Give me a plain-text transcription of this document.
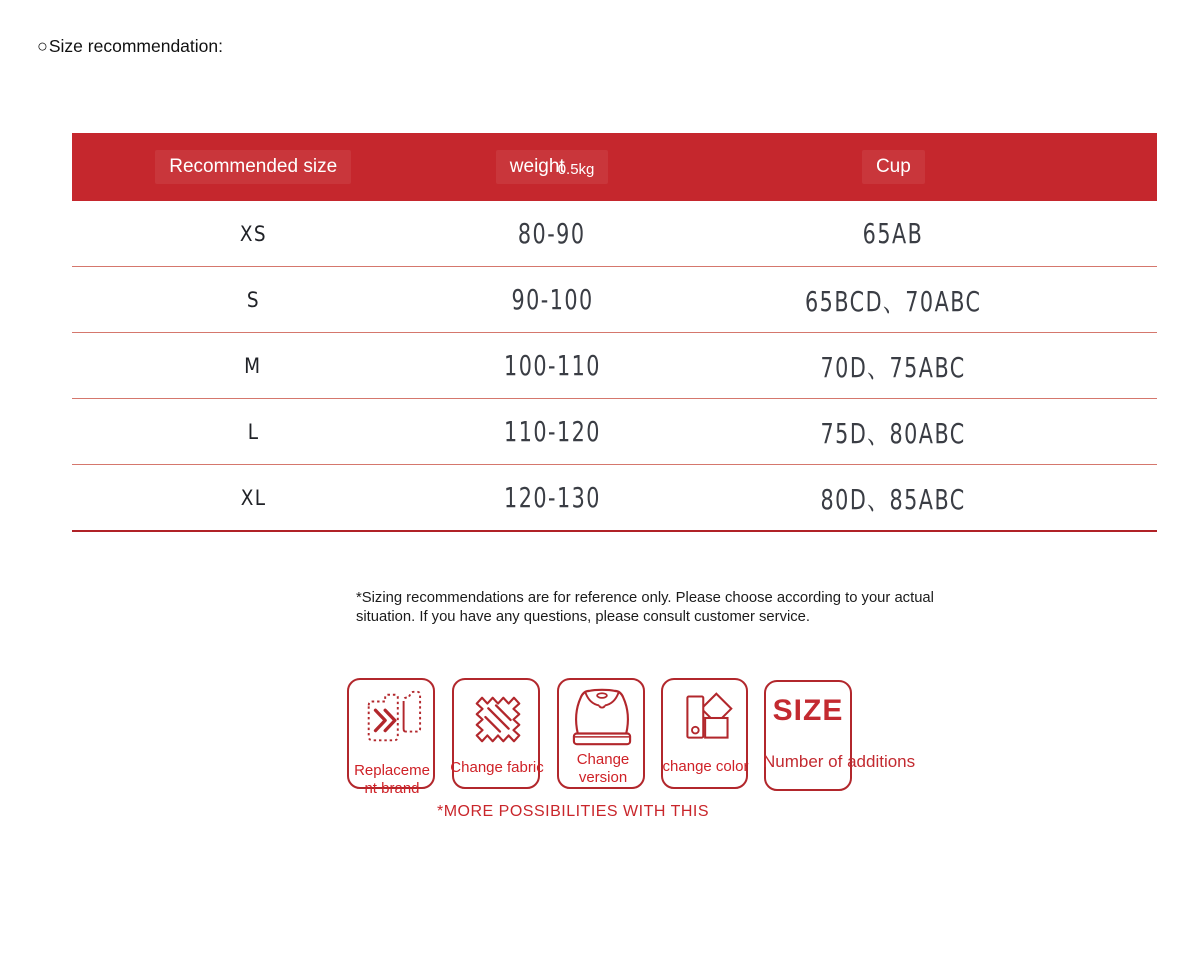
○ Size recommendation:
Recommended size	weight0.5kg	Cup
XS	80-90	65AB
S	90-100	65BCD、70ABC
M	100-110	70D、75ABC
L	110-120	75D、80ABC
XL	120-130	80D、85ABC

*Sizing recommendations are for reference only. Please choose according to your actual situation. If you have any questions, please consult customer service.

Replacement brand
Change fabric	Change version
change color
SIZE
Number of additions
*MORE POSSIBILITIES WITH THIS
